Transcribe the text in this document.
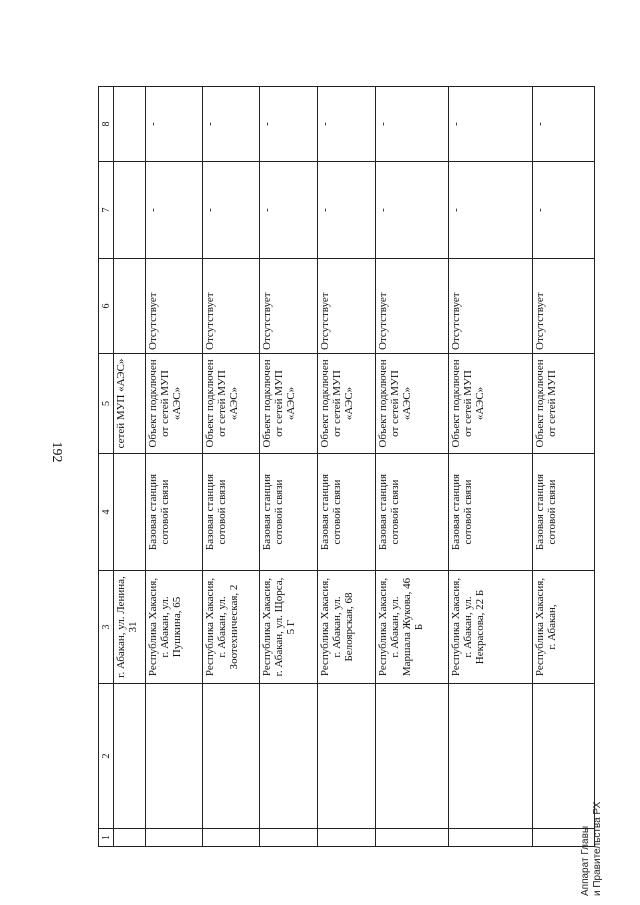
192
Аппарат Главы и Правительства РХ
1	2	3	4	5	6	7	8
		г. Абакан, ул. Ленина, 31		сетей МУП «АЭС»			
		Республика Хакасия, г. Абакан, ул. Пушкина, 65	Базовая станция сотовой связи	Объект подключен от сетей МУП «АЭС»	Отсутствует	-	-
		Республика Хакасия, г. Абакан, ул. Зоотехническая, 2	Базовая станция сотовой связи	Объект подключен от сетей МУП «АЭС»	Отсутствует	-	-
		Республика Хакасия, г. Абакан, ул. Щорса, 5 Г	Базовая станция сотовой связи	Объект подключен от сетей МУП «АЭС»	Отсутствует	-	-
		Республика Хакасия, г. Абакан, ул. Белоярская, 68	Базовая станция сотовой связи	Объект подключен от сетей МУП «АЭС»	Отсутствует	-	-
		Республика Хакасия, г. Абакан, ул. Маршала Жукова, 46 Б	Базовая станция сотовой связи	Объект подключен от сетей МУП «АЭС»	Отсутствует	-	-
		Республика Хакасия, г. Абакан, ул. Некрасова, 22 Б	Базовая станция сотовой связи	Объект подключен от сетей МУП «АЭС»	Отсутствует	-	-
		Республика Хакасия, г. Абакан,	Базовая станция сотовой связи	Объект подключен от сетей МУП	Отсутствует	-	-
